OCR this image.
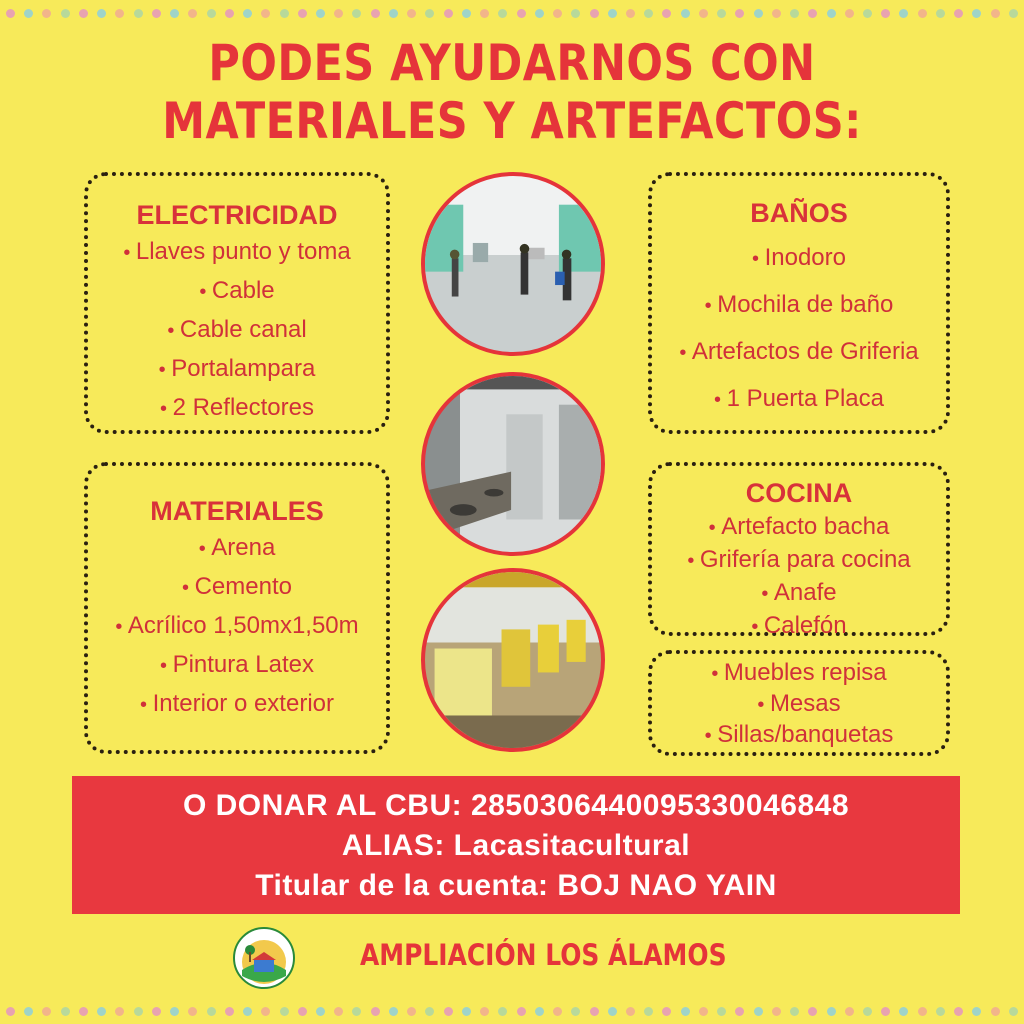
PODES AYUDARNOS CON
MATERIALES Y ARTEFACTOS:
ELECTRICIDAD
• Llaves punto y toma
• Cable
• Cable canal
• Portalampara
• 2 Reflectores
BAÑOS
• Inodoro
• Mochila de baño
• Artefactos de Griferia
• 1 Puerta Placa
MATERIALES
• Arena
• Cemento
• Acrílico 1,50mx1,50m
• Pintura Latex
• Interior o exterior
COCINA
• Artefacto bacha
• Grifería para cocina
• Anafe
• Calefón
• Muebles repisa
• Mesas
• Sillas/banquetas
O DONAR AL CBU: 2850306440095330046848
ALIAS: Lacasitacultural
Titular de la cuenta: BOJ NAO YAIN
AMPLIACIÓN LOS ÁLAMOS
